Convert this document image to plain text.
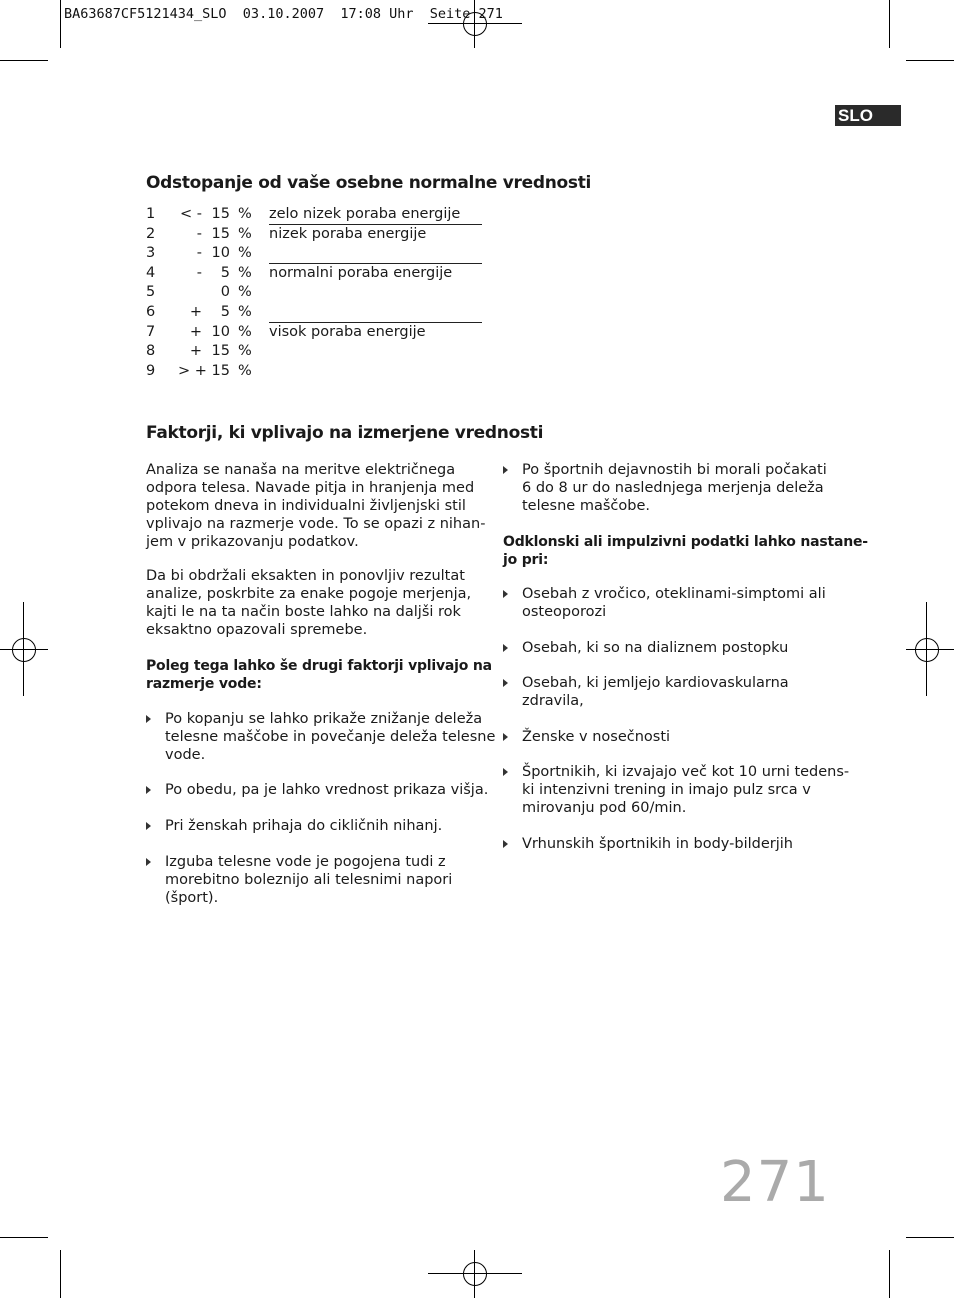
BA63687CF5121434_SLO  03.10.2007  17:08 Uhr  Seite 271
SLO
Odstopanje od vaše osebne normalne vrednosti
1 < - 15 % zelo nizek poraba energije
2	- 15 % nizek poraba energije
3	- 10 %
4	-	5 % normalni poraba energije
5	0 %
6	+	5 %
7	+ 10 % visok poraba energije
8	+ 15 %
9 > + 15 %
Faktorji, ki vplivajo na izmerjene vrednosti
Analiza se nanaša na meritve električnega
odpora telesa. Navade pitja in hranjenja med
potekom dneva in individualni življenjski stil
vplivajo na razmerje vode. To se opazi z nihan-
jem v prikazovanju podatkov.
Da bi obdržali eksakten in ponovljiv rezultat
analize, poskrbite za enake pogoje merjenja,
kajti le na ta način boste lahko na daljši rok
eksaktno opazovali spremebe.
Poleg tega lahko še drugi faktorji vplivajo na
razmerje vode:
Po kopanju se lahko prikaže znižanje deleža
telesne maščobe in povečanje deleža telesne
vode.
Po obedu, pa je lahko vrednost prikaza višja.
Pri ženskah prihaja do cikličnih nihanj.
Izguba telesne vode je pogojena tudi z
morebitno boleznijo ali telesnimi napori
(šport).
Po športnih dejavnostih bi morali počakati
6 do 8 ur do naslednjega merjenja deleža
telesne maščobe.
Odklonski ali impulzivni podatki lahko nastane-
jo pri:
Osebah z vročico, oteklinami-simptomi ali
osteoporozi
Osebah, ki so na dializnem postopku
Osebah, ki jemljejo kardiovaskularna
zdravila,
Ženske v nosečnosti
Športnikih, ki izvajajo več kot 10 urni tedens-
ki intenzivni trening in imajo pulz srca v
mirovanju pod 60/min.
Vrhunskih športnikih in body-bilderjih
271
